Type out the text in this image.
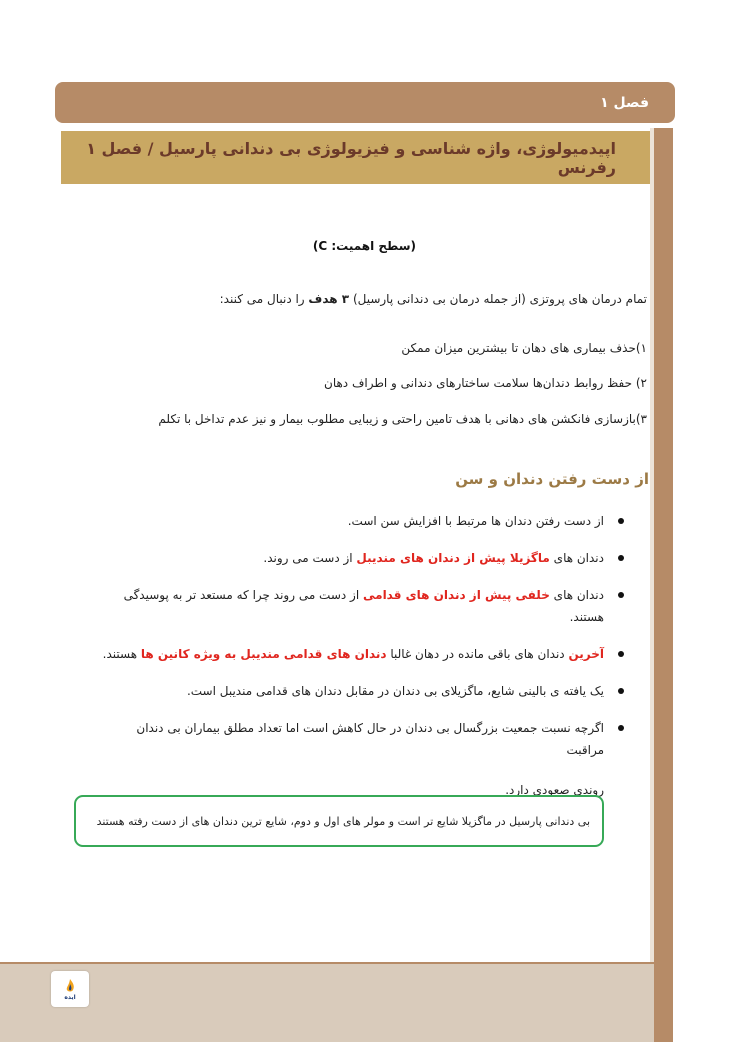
فصل ۱
اپیدمیولوژی، واژه شناسی و فیزیولوژی بی دندانی پارسیل / فصل ۱ رفرنس
(سطح اهمیت: C)
تمام درمان های پروتزی (از جمله درمان بی دندانی پارسیل) ۳ هدف را دنبال می کنند:
۱)حذف بیماری های دهان تا بیشترین میزان ممکن
۲) حفظ روابط دندان‌ها سلامت ساختارهای دندانی و اطراف دهان
۳)بازسازی فانکشن های دهانی با هدف تامین راحتی و زیبایی مطلوب بیمار و نیز عدم تداخل با تکلم
از دست رفتن دندان و سن
از دست رفتن دندان ها مرتبط با افزایش سن است.
دندان های ماگزیلا پیش از دندان های مندیبل از دست می روند.
دندان های خلفی پیش از دندان های قدامی از دست می روند چرا که مستعد تر به پوسیدگی هستند.
آخرین دندان های باقی مانده در دهان غالبا دندان های قدامی مندیبل به ویژه کانین ها هستند.
یک یافته ی بالینی شایع، ماگزیلای بی دندان در مقابل دندان های قدامی مندیبل است.
اگرچه نسبت جمعیت بزرگسال بی دندان در حال کاهش است اما تعداد مطلق بیماران بی دندان مراقبت
روندی صعودی دارد.
بی دندانی پارسیل در ماگزیلا شایع تر است و مولر های اول و دوم، شایع ترین دندان های از دست رفته هستند
ایده
